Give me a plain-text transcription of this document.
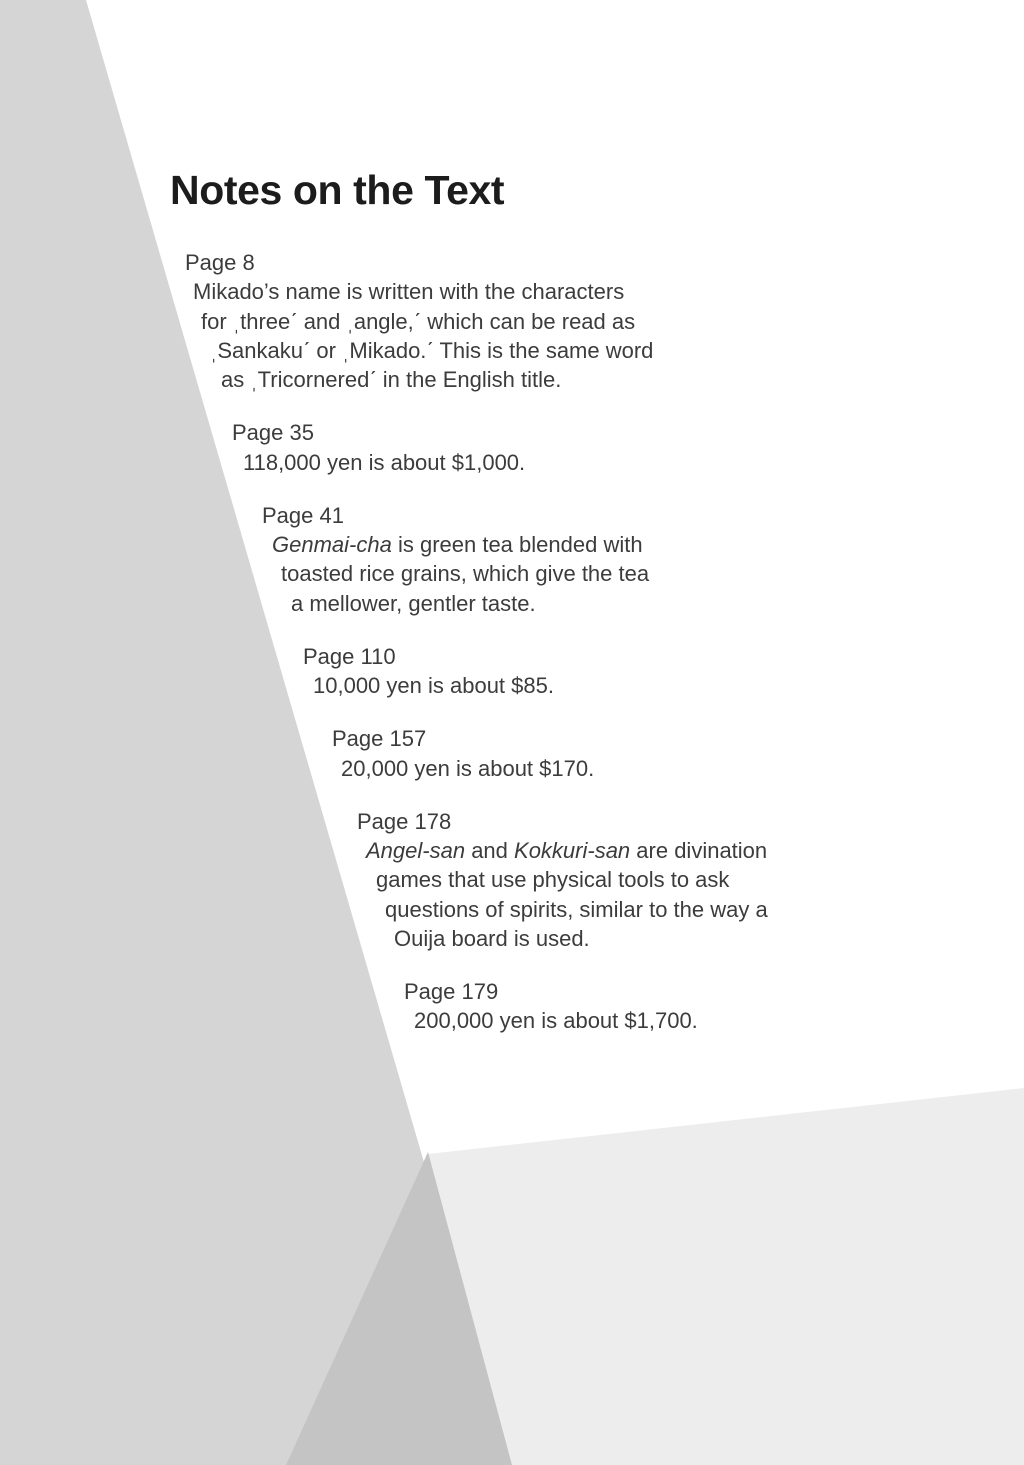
Notes on the Text
Page 8
Mikado’s name is written with the characters
for ˌthreeˊ and ˌangle,ˊ which can be read as
ˌSankakuˊ or ˌMikado.ˊ This is the same word
as ˌTricorneredˊ in the English title.
Page 35
118,000 yen is about $1,000.
Page 41
Genmai-cha is green tea blended with
toasted rice grains, which give the tea
a mellower, gentler taste.
Page 110
10,000 yen is about $85.
Page 157
20,000 yen is about $170.
Page 178
Angel-san and Kokkuri-san are divination
games that use physical tools to ask
questions of spirits, similar to the way a
Ouija board is used.
Page 179
200,000 yen is about $1,700.
